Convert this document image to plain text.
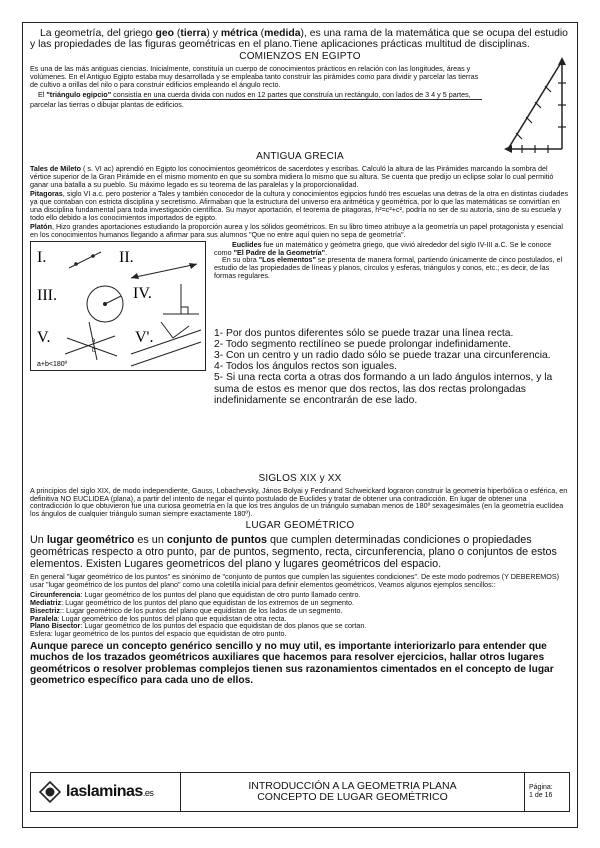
La geometría, del griego geo (tierra) y métrica (medida), es una rama de la matemática que se ocupa del estudio y las propiedades de las figuras geométricas en el plano.Tiene aplicaciones prácticas multitud de disciplinas.

COMIENZOS EN EGIPTO

Es una de las más antiguas ciencias. Inicialmente, constituía un cuerpo de conocimientos prácticos en relación con las longitudes, áreas y volúmenes. En el Antiguo Egipto estaba muy desarrollada y se empleaba tanto construir las pirámides como para dividir y parcelar las tierras de cultivo a orillas del nilo o para construir edificios empleando el ángulo recto.

El "triángulo egipcio" consistía en una cuerda divida con nudos en 12 partes que construía un rectángulo, con lados de 3 4 y 5 partes,

parcelar las tierras o dibujar plantas de edificios.

ANTIGUA GRECIA

Tales de Mileto ( s. VI ac) aprendió en Egipto los conocimientos geométricos de sacerdotes y escribas. Calculó la altura de las Pirámides marcando la sombra del vértice superior de la Gran Pirámide en el mismo momento en que su sombra midiera lo mismo que su altura. Se cuenta que predijo un eclipse solar lo cual permitió ganar una batalla a su pueblo. Su máximo legado es su teorema de las paralelas y la proporcionalidad.

Pitagoras, siglo VI a.c. pero posterior a Tales y también conocedor de la cultura y conocimientos egipcios fundó tres escuelas una detras de la otra en distintas ciudades ya que contaban con estricta disciplina y secretismo. Afirmaban que la estructura del universo era aritmética y geométrica, por lo que las matemáticas se convirtían en una disciplina fundamental para toda investigación científica. Su mayor aportación, el teorema de pitagoras, h²=c²+c², podría no ser de su autoría, sino de su escuela y todo ello debido a los conocimientos importados de egipto.

Platón, Hizo grandes aportaciones estudiando la proporción aurea y los sólidos geométricos. En su libro timeo atribuye a la geometría un papel protagonista y esencial en los conocimientos humanos llegando a afirmar para sus alumnos "Que no entre aquí quien no sepa de geometría".

I.	II.
III.	IV.
V.	a
b
a+b<180º
V'.

Euclides fue un matemático y geómetra griego, que vivió alrededor del siglo IV-III a.C. Se le conoce como "El Padre de la Geometría".

En su obra "Los elementos" se presenta de manera formal, partiendo únicamente de cinco postulados, el estudio de las propiedades de líneas y planos, círculos y esferas, triángulos y conos, etc.; es decir, de las formas regulares.

1- Por dos puntos diferentes sólo se puede trazar una línea recta.
2- Todo segmento rectilíneo se puede prolongar indefinidamente.
3- Con un centro y un radio dado sólo se puede trazar una circunferencia.
4- Todos los ángulos rectos son iguales.
5- Si una recta corta a otras dos formando a un lado ángulos internos, y la suma de estos es menor que dos rectos, las dos rectas prolongadas indefinidamente se encontrarán de ese lado.
SIGLOS XIX y XX

A principios del siglo XIX, de modo independiente, Gauss, Lobachevsky, János Bolyai y Ferdinand Schweickard lograron construir la geometría hiperbólica o esférica, en definitiva NO EUCLIDEA (plana), a partir del intento de negar el quinto postulado de Euclides y tratar de obtener una contradicción. En lugar de obtener una contradicción lo que obtuvieron fue una curiosa geometría en la que los tres ángulos de un triángulo sumaban menos de 180º sexagesimales (en la geometría euclídea los ángulos de cualquier triángulo suman siempre exactamente 180º).

LUGAR GEOMÉTRICO

Un lugar geométrico es un conjunto de puntos que cumplen determinadas condiciones o propiedades geométricas respecto a otro punto, par de puntos, segmento, recta, circunferencia, plano o conjuntos de estos elementos. Existen Lugares geometricos del plano y lugares geométricos del espacio.

En general "lugar geométrico de los puntos" es sinónimo de "conjunto de puntos que cumplen las siguientes condiciones". De este modo podremos (Y DEBEREMOS) usar "lugar geométrico de los puntos del plano" como una coletilla inicial para definir elementos geométricos, Veamos algunos ejemplos sencillos::

Circunferencia: Lugar geométrico de los puntos del plano que equidistan de otro punto llamado centro.

Mediatriz: Lugar geométrico de los puntos del plano que equidistan de los extremos de un segmento.

Bisectriz:: Lugar geométrico de los puntos del plano que equidistan de los lados de un segmento.

Paralela: Lugar geométrico de los puntos del plano que equidistan de otra recta.

Plano Bisector: Lugar geométrico de los puntos del espacio que equidistan de dos planos que se cortan.

Esfera: lugar geométrico de los puntos del espacio que equidistan de otro punto.

Aunque parece un concepto genérico sencillo y no muy util, es importante interiorizarlo para entender que muchos de los trazados geométricos auxiliares que hacemos para resolver ejercicios, hallar otros lugares geométricos o resolver problemas complejos tienen sus razonamientos cimentados en el concepto de lugar geometrico específico para cada uno de ellos.

laslaminas.es
INTRODUCCIÓN A LA GEOMETRIA PLANA
CONCEPTO DE LUGAR GEOMÉTRICO
Página:
1 de 16
